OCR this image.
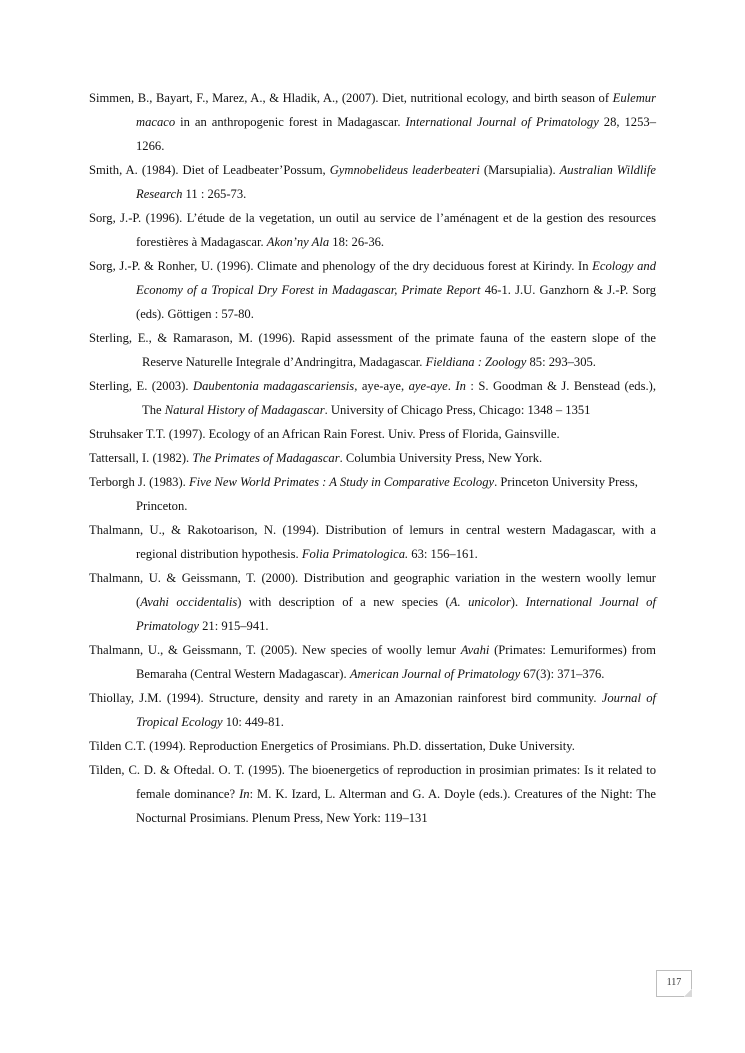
Simmen, B., Bayart, F., Marez, A., & Hladik, A., (2007). Diet, nutritional ecology, and birth season of Eulemur macaco in an anthropogenic forest in Madagascar. International Journal of Primatology 28, 1253–1266.

Smith, A. (1984). Diet of Leadbeater’Possum, Gymnobelideus leaderbeateri (Marsupialia). Australian Wildlife Research 11 : 265-73.

Sorg, J.-P. (1996). L’étude de la vegetation, un outil au service de l’aménagent et de la gestion des resources forestières à Madagascar. Akon’ny Ala 18: 26-36.

Sorg, J.-P. & Ronher, U. (1996). Climate and phenology of the dry deciduous forest at Kirindy. In Ecology and Economy of a Tropical Dry Forest in Madagascar, Primate Report 46-1. J.U. Ganzhorn & J.-P. Sorg (eds). Göttigen : 57-80.

Sterling, E., & Ramarason, M. (1996). Rapid assessment of the primate fauna of the eastern slope of the Reserve Naturelle Integrale d’Andringitra, Madagascar. Fieldiana : Zoology 85: 293–305.

Sterling, E. (2003). Daubentonia madagascariensis, aye-aye, aye-aye. In : S. Goodman & J. Benstead (eds.), The Natural History of Madagascar. University of Chicago Press, Chicago: 1348 – 1351

Struhsaker T.T. (1997). Ecology of an African Rain Forest. Univ. Press of Florida, Gainsville.

Tattersall, I. (1982). The Primates of Madagascar. Columbia University Press, New York.

Terborgh J. (1983). Five New World Primates : A Study in Comparative Ecology. Princeton University Press, Princeton.

Thalmann, U., & Rakotoarison, N. (1994). Distribution of lemurs in central western Madagascar, with a regional distribution hypothesis. Folia Primatologica. 63: 156–161.

Thalmann, U. & Geissmann, T. (2000). Distribution and geographic variation in the western woolly lemur (Avahi occidentalis) with description of a new species (A. unicolor). International Journal of Primatology 21: 915–941.

Thalmann, U., & Geissmann, T. (2005). New species of woolly lemur Avahi (Primates: Lemuriformes) from Bemaraha (Central Western Madagascar). American Journal of Primatology 67(3): 371–376.

Thiollay, J.M. (1994). Structure, density and rarety in an Amazonian rainforest bird community. Journal of Tropical Ecology 10: 449-81.

Tilden C.T. (1994). Reproduction Energetics of Prosimians. Ph.D. dissertation, Duke University.

Tilden, C. D. & Oftedal. O. T. (1995). The bioenergetics of reproduction in prosimian primates: Is it related to female dominance? In: M. K. Izard, L. Alterman and G. A. Doyle (eds.). Creatures of the Night: The Nocturnal Prosimians. Plenum Press, New York: 119–131

117
